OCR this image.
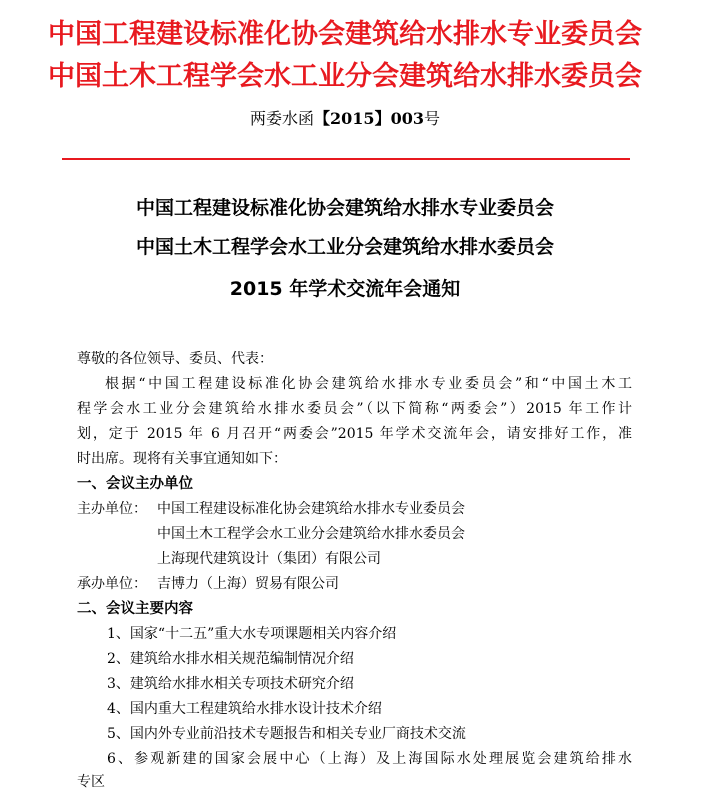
中国工程建设标准化协会建筑给水排水专业委员会
中国土木工程学会水工业分会建筑给水排水委员会
两委水函【2015】003号
中国工程建设标准化协会建筑给水排水专业委员会
中国土木工程学会水工业分会建筑给水排水委员会
2015 年学术交流年会通知
尊敬的各位领导、委员、代表：
根据“中国工程建设标准化协会建筑给水排水专业委员会”和“中国土木工
程学会水工业分会建筑给水排水委员会”（以下简称“两委会”）2015 年工作计
划，定于 2015 年 6 月召开“两委会”2015 年学术交流年会，请安排好工作，准
时出席。现将有关事宜通知如下：
一、会议主办单位
主办单位： 中国工程建设标准化协会建筑给水排水专业委员会
中国土木工程学会水工业分会建筑给水排水委员会
上海现代建筑设计（集团）有限公司
承办单位： 吉博力（上海）贸易有限公司
二、会议主要内容
1、国家“十二五”重大水专项课题相关内容介绍
2、建筑给水排水相关规范编制情况介绍
3、建筑给水排水相关专项技术研究介绍
4、国内重大工程建筑给水排水设计技术介绍
5、国内外专业前沿技术专题报告和相关专业厂商技术交流
6、参观新建的国家会展中心（上海）及上海国际水处理展览会建筑给排水
专区
